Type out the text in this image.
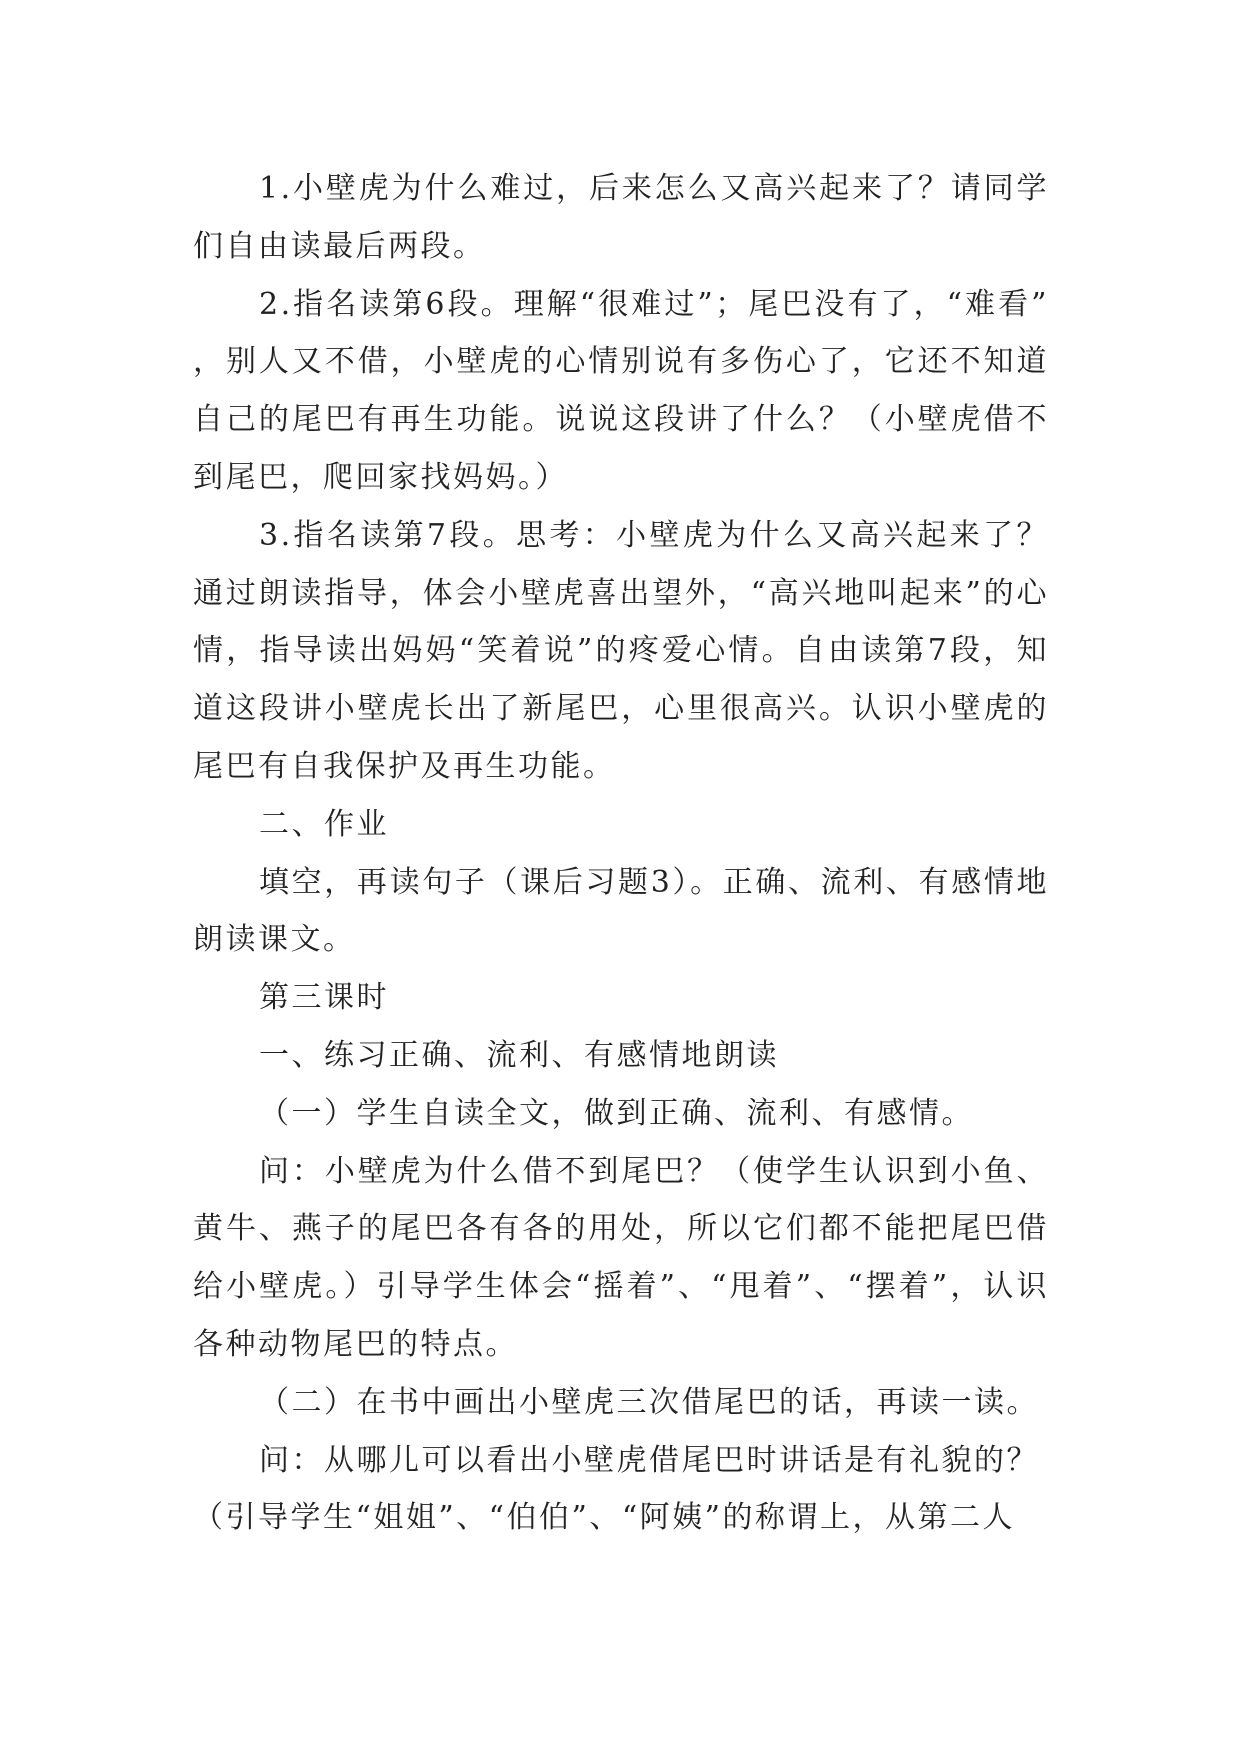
1.小壁虎为什么难过，后来怎么又高兴起来了？请同学们自由读最后两段。

2.指名读第6段。理解“很难过”；尾巴没有了，“难看”，别人又不借，小壁虎的心情别说有多伤心了，它还不知道自己的尾巴有再生功能。说说这段讲了什么？（小壁虎借不到尾巴，爬回家找妈妈。）

3.指名读第7段。思考：小壁虎为什么又高兴起来了？通过朗读指导，体会小壁虎喜出望外，“高兴地叫起来”的心情，指导读出妈妈“笑着说”的疼爱心情。自由读第7段，知道这段讲小壁虎长出了新尾巴，心里很高兴。认识小壁虎的尾巴有自我保护及再生功能。

二、作业

填空，再读句子（课后习题3）。正确、流利、有感情地朗读课文。

第三课时

一、练习正确、流利、有感情地朗读

（一）学生自读全文，做到正确、流利、有感情。

问：小壁虎为什么借不到尾巴？（使学生认识到小鱼、黄牛、燕子的尾巴各有各的用处，所以它们都不能把尾巴借给小壁虎。）引导学生体会“摇着”、“甩着”、“摆着”，认识各种动物尾巴的特点。

（二）在书中画出小壁虎三次借尾巴的话，再读一读。

问：从哪儿可以看出小壁虎借尾巴时讲话是有礼貌的？

（引导学生“姐姐”、“伯伯”、“阿姨”的称谓上，从第二人
